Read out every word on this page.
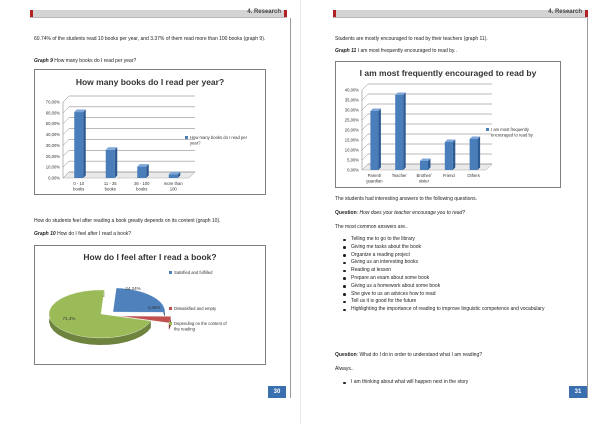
4. Research
60.74% of the students read 10 books per year, and 3.37% of them read more than 100 books (graph 9).
Graph 9 How many books do I read per year?
How many books do I read per year?
0,00%
10,00%
20,00%
30,00%
40,00%
50,00%
60,00%
70,00%
0 - 10
books
11 - 25
books
26 - 100
books
more than
100
How many books do I read per
year?
How do students feel after reading a book greatly depends on its content (graph 10).
Graph 10 How do I feel after I read a book?
How do I feel after I read a book?
24,24%
4,36%
71,4%
Satisfied and fulfilled
Dissatisfied and empty
Depending on the content of
the reading
30
4. Research
Students are mostly encouraged to read by their teachers (graph 11).
Graph 11 I am most frequently encouraged to read by..
I am most frequently encouraged to read by
0,00%
5,00%
10,00%
15,00%
20,00%
25,00%
30,00%
35,00%
40,00%
Parent/
guardian
Teacher Brother/
sister
Friend	Others
I am most frequently
encouraged to read by
The students had interesting answers to the following questions.
Question: How does your teacher encourage you to read?
The most common answers are..
Telling me to go to the library
Giving me tasks about the book
Organize a reading project
Giving us an interesting books
Reading at lesson
Prepare an exam about some book
Giving us a homework about some book
She give to us an advices how to read
Tell us it is good for the future
Highlighting the importance of reading to improve linguistic competence and vocabulary
Question: What do I do in order to understand what I am reading?
Always..
I am thinking about what will happen next in the story
31
